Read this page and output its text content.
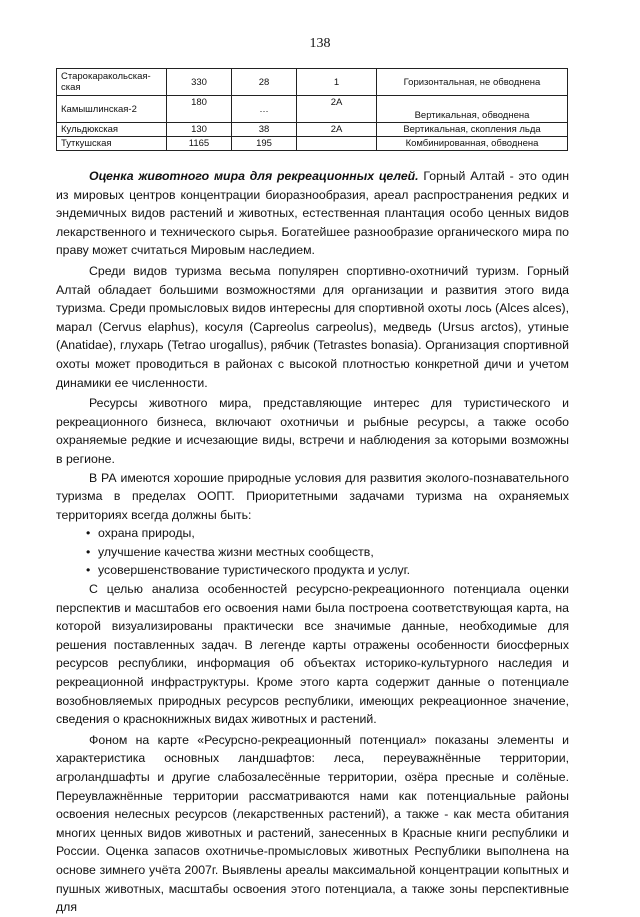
138
Старокаракольская-
ская	330	28	1	Горизонтальная, не обводнена
Камышлинская-2	180	…	2А	Вертикальная, обводнена
Кульдюкская	130	38	2А	Вертикальная, скопления льда
Туткушская	1165	195		Комбинированная, обводнена

Оценка животного мира для рекреационных целей. Горный Алтай - это один из мировых центров концентрации биоразнообразия, ареал распространения редких и эндемичных видов растений и животных, естественная плантация особо ценных видов лекарственного и технического сырья. Богатейшее разнообразие органического мира по праву может считаться Мировым наследием.

Среди видов туризма весьма популярен спортивно-охотничий туризм. Горный Алтай обладает большими возможностями для организации и развития этого вида туризма. Среди промысловых видов интересны для спортивной охоты лось (Alces alces), марал (Cervus elaphus), косуля (Capreolus carpeolus), медведь (Ursus arctos), утиные (Anatidae), глухарь (Tetrao urogallus), рябчик (Tetrastes bonasia). Организация спортивной охоты может проводиться в районах с высокой плотностью конкретной дичи и учетом динамики ее численности.

Ресурсы животного мира, представляющие интерес для туристического и рекреационного бизнеса, включают охотничьи и рыбные ресурсы, а также особо охраняемые редкие и исчезающие виды, встречи и наблюдения за которыми возможны в регионе.

В РА имеются хорошие природные условия для развития эколого-познавательного туризма в пределах ООПТ. Приоритетными задачами туризма на охраняемых территориях всегда должны быть:

• охрана природы,
• улучшение качества жизни местных сообществ,
• усовершенствование туристического продукта и услуг.

С целью анализа особенностей ресурсно-рекреационного потенциала оценки перспектив и масштабов его освоения нами была построена соответствующая карта, на которой визуализированы практически все значимые данные, необходимые для решения поставленных задач. В легенде карты отражены особенности биосферных ресурсов республики, информация об объектах историко-культурного наследия и рекреационной инфраструктуры. Кроме этого карта содержит данные о потенциале возобновляемых природных ресурсов республики, имеющих рекреационное значение, сведения о краснокнижных видах животных и растений.

Фоном на карте «Ресурсно-рекреационный потенциал» показаны элементы и характеристика основных ландшафтов: леса, переуважнённые территории, агроландшафты и другие слабозалесённые территории, озёра пресные и солёные. Переувлажнённые территории рассматриваются нами как потенциальные районы освоения нелесных ресурсов (лекарственных растений), а также - как места обитания многих ценных видов животных и растений, занесенных в Красные книги республики и России. Оценка запасов охотничье-промысловых животных Республики выполнена на основе зимнего учёта 2007г. Выявлены ареалы максимальной концентрации копытных и пушных животных, масштабы освоения этого потенциала, а также зоны перспективные для
